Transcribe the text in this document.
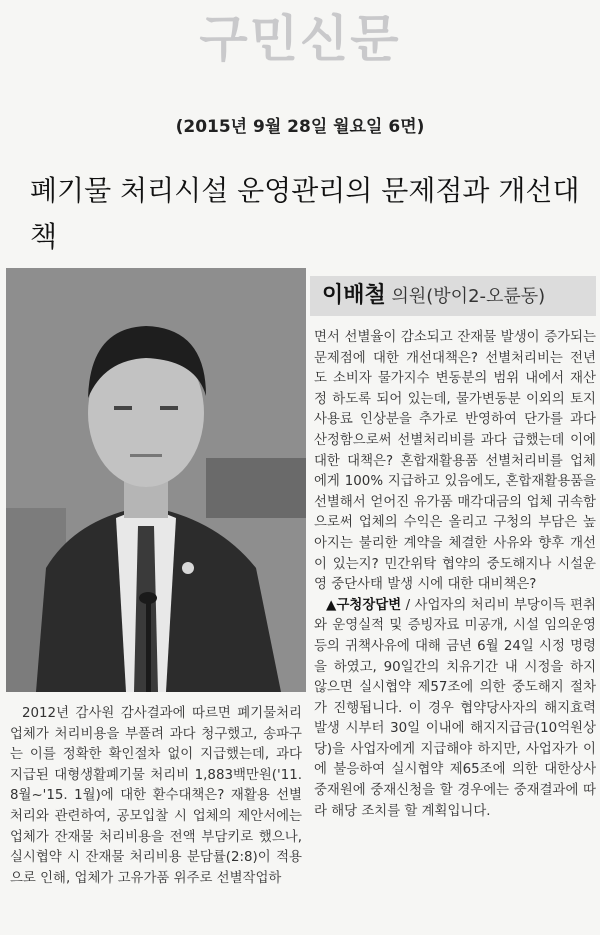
구민신문
(2015년 9월 28일 월요일 6면)
폐기물 처리시설 운영관리의 문제점과 개선대책
이배철 의원(방이2-오륜동)

면서 선별율이 감소되고 잔재물 발생이 증가되는 문제점에 대한 개선대책은? 선별처리비는 전년도 소비자 물가지수 변동분의 범위 내에서 재산정 하도록 되어 있는데, 물가변동분 이외의 토지사용료 인상분을 추가로 반영하여 단가를 과다 산정함으로써 선별처리비를 과다 급했는데 이에 대한 대책은? 혼합재활용품 선별처리비를 업체에게 100% 지급하고 있음에도, 혼합재활용품을 선별해서 얻어진 유가품 매각대금의 업체 귀속함으로써 업체의 수익은 올리고 구청의 부담은 높아지는 불리한 계약을 체결한 사유와 향후 개선이 있는지? 민간위탁 협약의 중도해지나 시설운영 중단사태 발생 시에 대한 대비책은?

▲구청장답변 / 사업자의 처리비 부당이득 편취와 운영실적 및 증빙자료 미공개, 시설 임의운영 등의 귀책사유에 대해 금년 6월 24일 시정 명령을 하였고, 90일간의 치유기간 내 시정을 하지 않으면 실시협약 제57조에 의한 중도해지 절차가 진행됩니다. 이 경우 협약당사자의 해지효력 발생 시부터 30일 이내에 해지지급금(10억원상당)을 사업자에게 지급해야 하지만, 사업자가 이에 불응하여 실시협약 제65조에 의한 대한상사중재원에 중재신청을 할 경우에는 중재결과에 따라 해당 조치를 할 계획입니다.

2012년 감사원 감사결과에 따르면 폐기물처리업체가 처리비용을 부풀려 과다 청구했고, 송파구는 이를 정확한 확인절차 없이 지급했는데, 과다 지급된 대형생활폐기물 처리비 1,883백만원('11. 8월~'15. 1월)에 대한 환수대책은? 재활용 선별처리와 관련하여, 공모입찰 시 업체의 제안서에는 업체가 잔재물 처리비용을 전액 부담키로 했으나, 실시협약 시 잔재물 처리비용 분담률(2:8)이 적용으로 인해, 업체가 고유가품 위주로 선별작업하
